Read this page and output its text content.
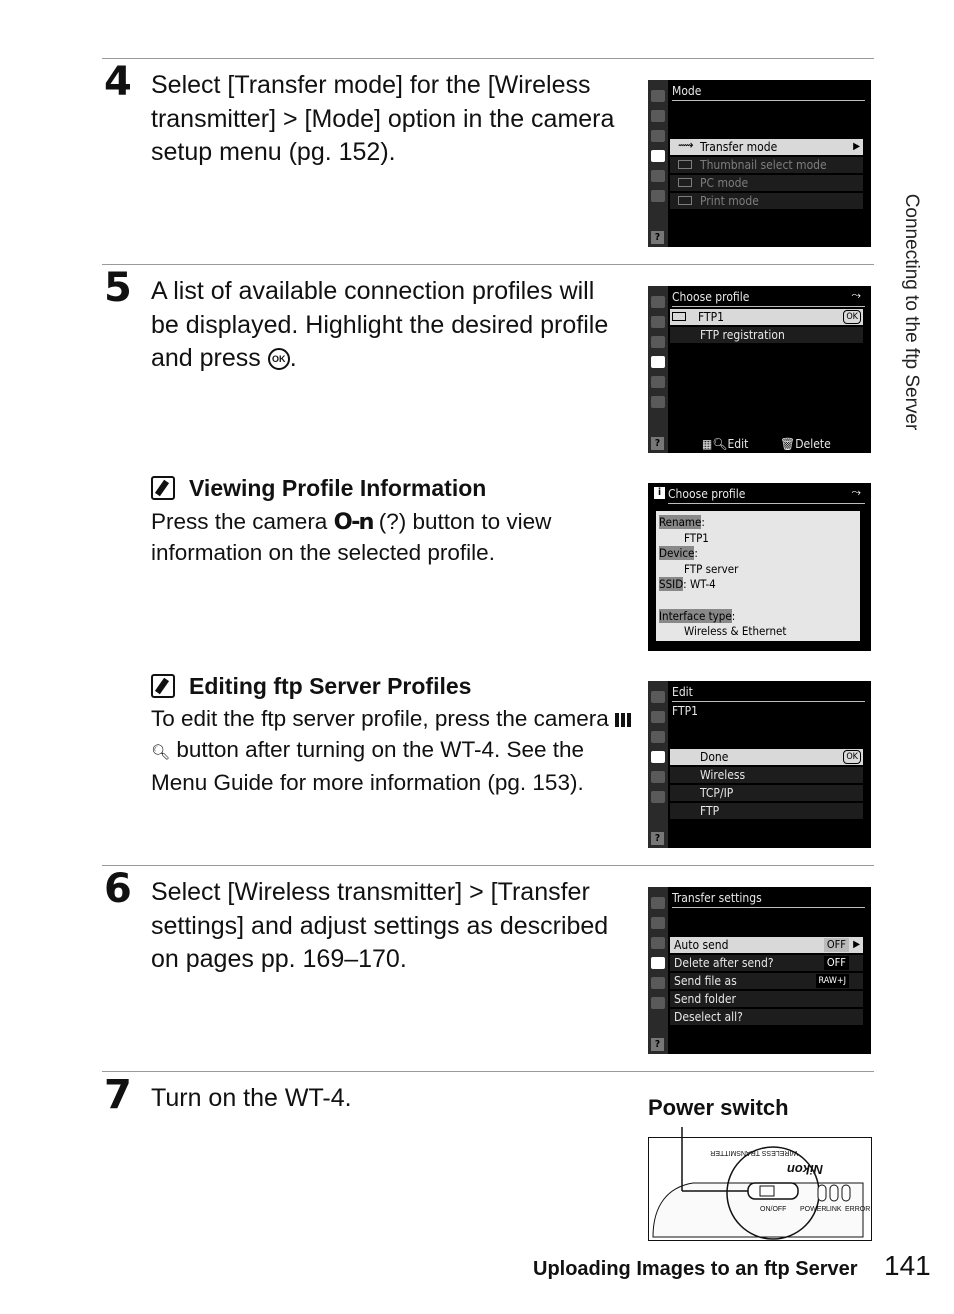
Connecting to the ftp Server
4 Select [Transfer mode] for the [Wireless transmitter] > [Mode] option in the camera setup menu (pg. 152).
5 A list of available connection profiles will be displayed. Highlight the desired profile and press OK .
Viewing Profile Information
Press the camera O-n (?) button to view information on the selected profile.
Editing ftp Server Profiles
To edit the ftp server profile, press the camera 🔍︎ button after turning on the WT-4. See the Menu Guide for more information (pg. 153).
6 Select [Wireless transmitter] > [Transfer settings] and adjust settings as described on pages pp. 169–170.
7 Turn on the WT-4.
Mode
⟿
Transfer mode	▶
Thumbnail select mode
PC mode
Print mode
?
Choose profile	⤳
FTP1	OK
FTP registration
▦🔍︎Edit	🗑︎Delete
?
i Choose profile	⤳
Rename:
FTP1
Device:
FTP server
SSID: WT-4

Interface type:
Wireless & Ethernet
Edit
FTP1
Done	OK
Wireless
TCP/IP
FTP
?
Transfer settings
Auto send	OFF ▶
Delete after send?	OFF
Send file as	RAW+J
Send folder
Deselect all?
?
Power switch
Nikon
WIRELESS TRANSMITTER
ON/OFF POWER LINK ERROR
Uploading Images to an ftp Server 141
